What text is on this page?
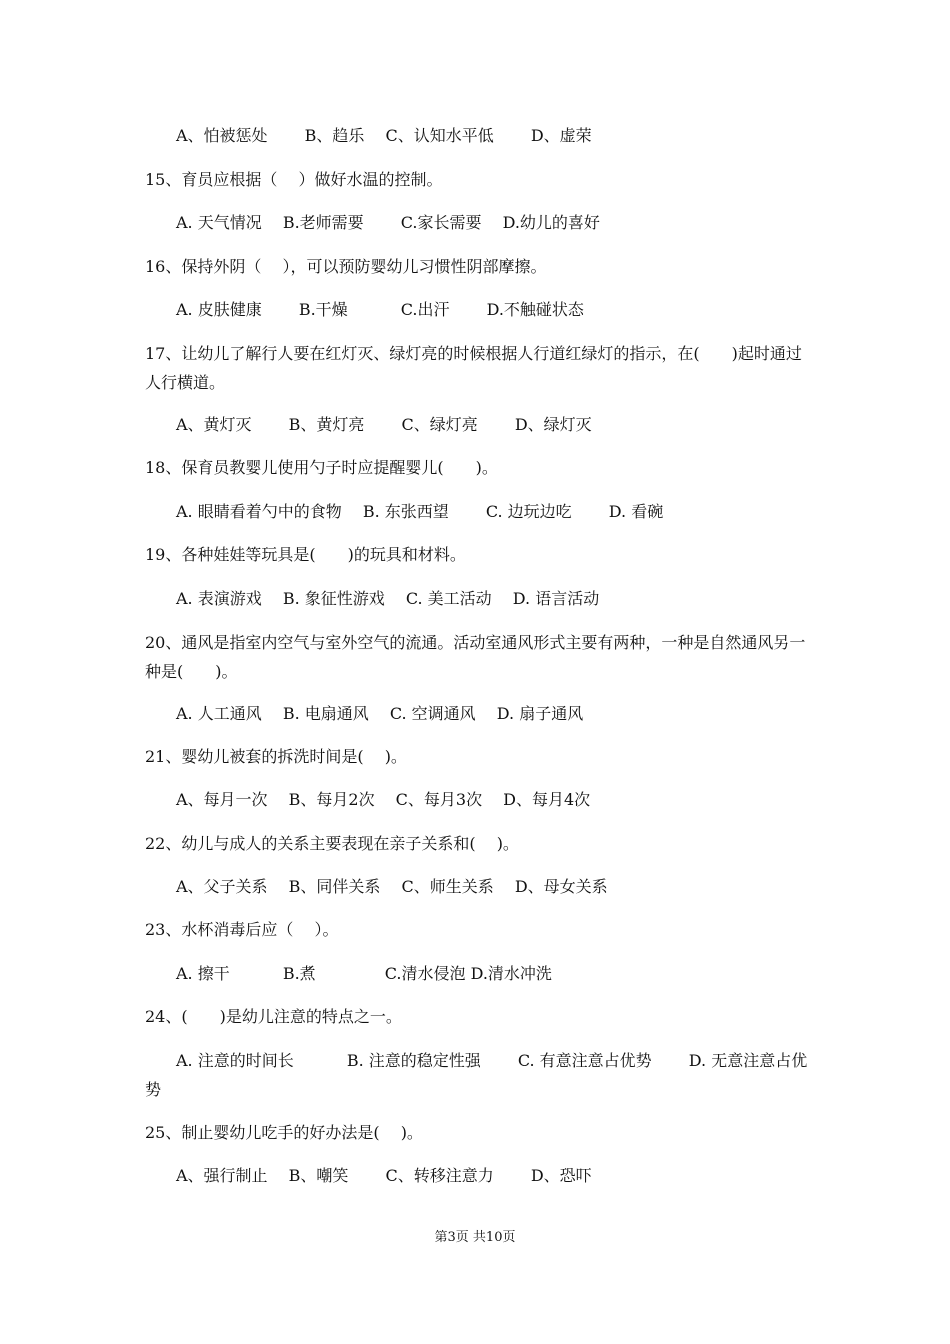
A、怕被惩处　　 B、趋乐　 C、认知水平低　　 D、虚荣
15、育员应根据（　 ）做好水温的控制。
A. 天气情况　 B.老师需要　　 C.家长需要　 D.幼儿的喜好
16、保持外阴（　 ），可以预防婴幼儿习惯性阴部摩擦。
A. 皮肤健康　　 B.干燥　　　 C.出汗　　 D.不触碰状态
17、让幼儿了解行人要在红灯灭、绿灯亮的时候根据人行道红绿灯的指示，在(　　)起时通过人行横道。
A、黄灯灭　　 B、黄灯亮　　 C、绿灯亮　　 D、绿灯灭
18、保育员教婴儿使用勺子时应提醒婴儿(　　)。
A. 眼睛看着勺中的食物　 B. 东张西望　　 C. 边玩边吃　　 D. 看碗
19、各种娃娃等玩具是(　　)的玩具和材料。
A. 表演游戏　 B. 象征性游戏　 C. 美工活动　 D. 语言活动
20、通风是指室内空气与室外空气的流通。活动室通风形式主要有两种，一种是自然通风另一种是(　　)。
A. 人工通风　 B. 电扇通风　 C. 空调通风　 D. 扇子通风
21、婴幼儿被套的拆洗时间是(　 )。
A、每月一次　 B、每月2次　 C、每月3次　 D、每月4次
22、幼儿与成人的关系主要表现在亲子关系和(　 )。
A、父子关系　 B、同伴关系　 C、师生关系　 D、母女关系
23、水杯消毒后应（　 ）。
A. 擦干　　　 B.煮　　　　 C.清水侵泡 D.清水冲洗
24、(　　)是幼儿注意的特点之一。
A. 注意的时间长　　　 B. 注意的稳定性强　　 C. 有意注意占优势　　 D. 无意注意占优势
25、制止婴幼儿吃手的好办法是(　 )。
A、强行制止　 B、嘲笑　　 C、转移注意力　　 D、恐吓
第3页 共10页
